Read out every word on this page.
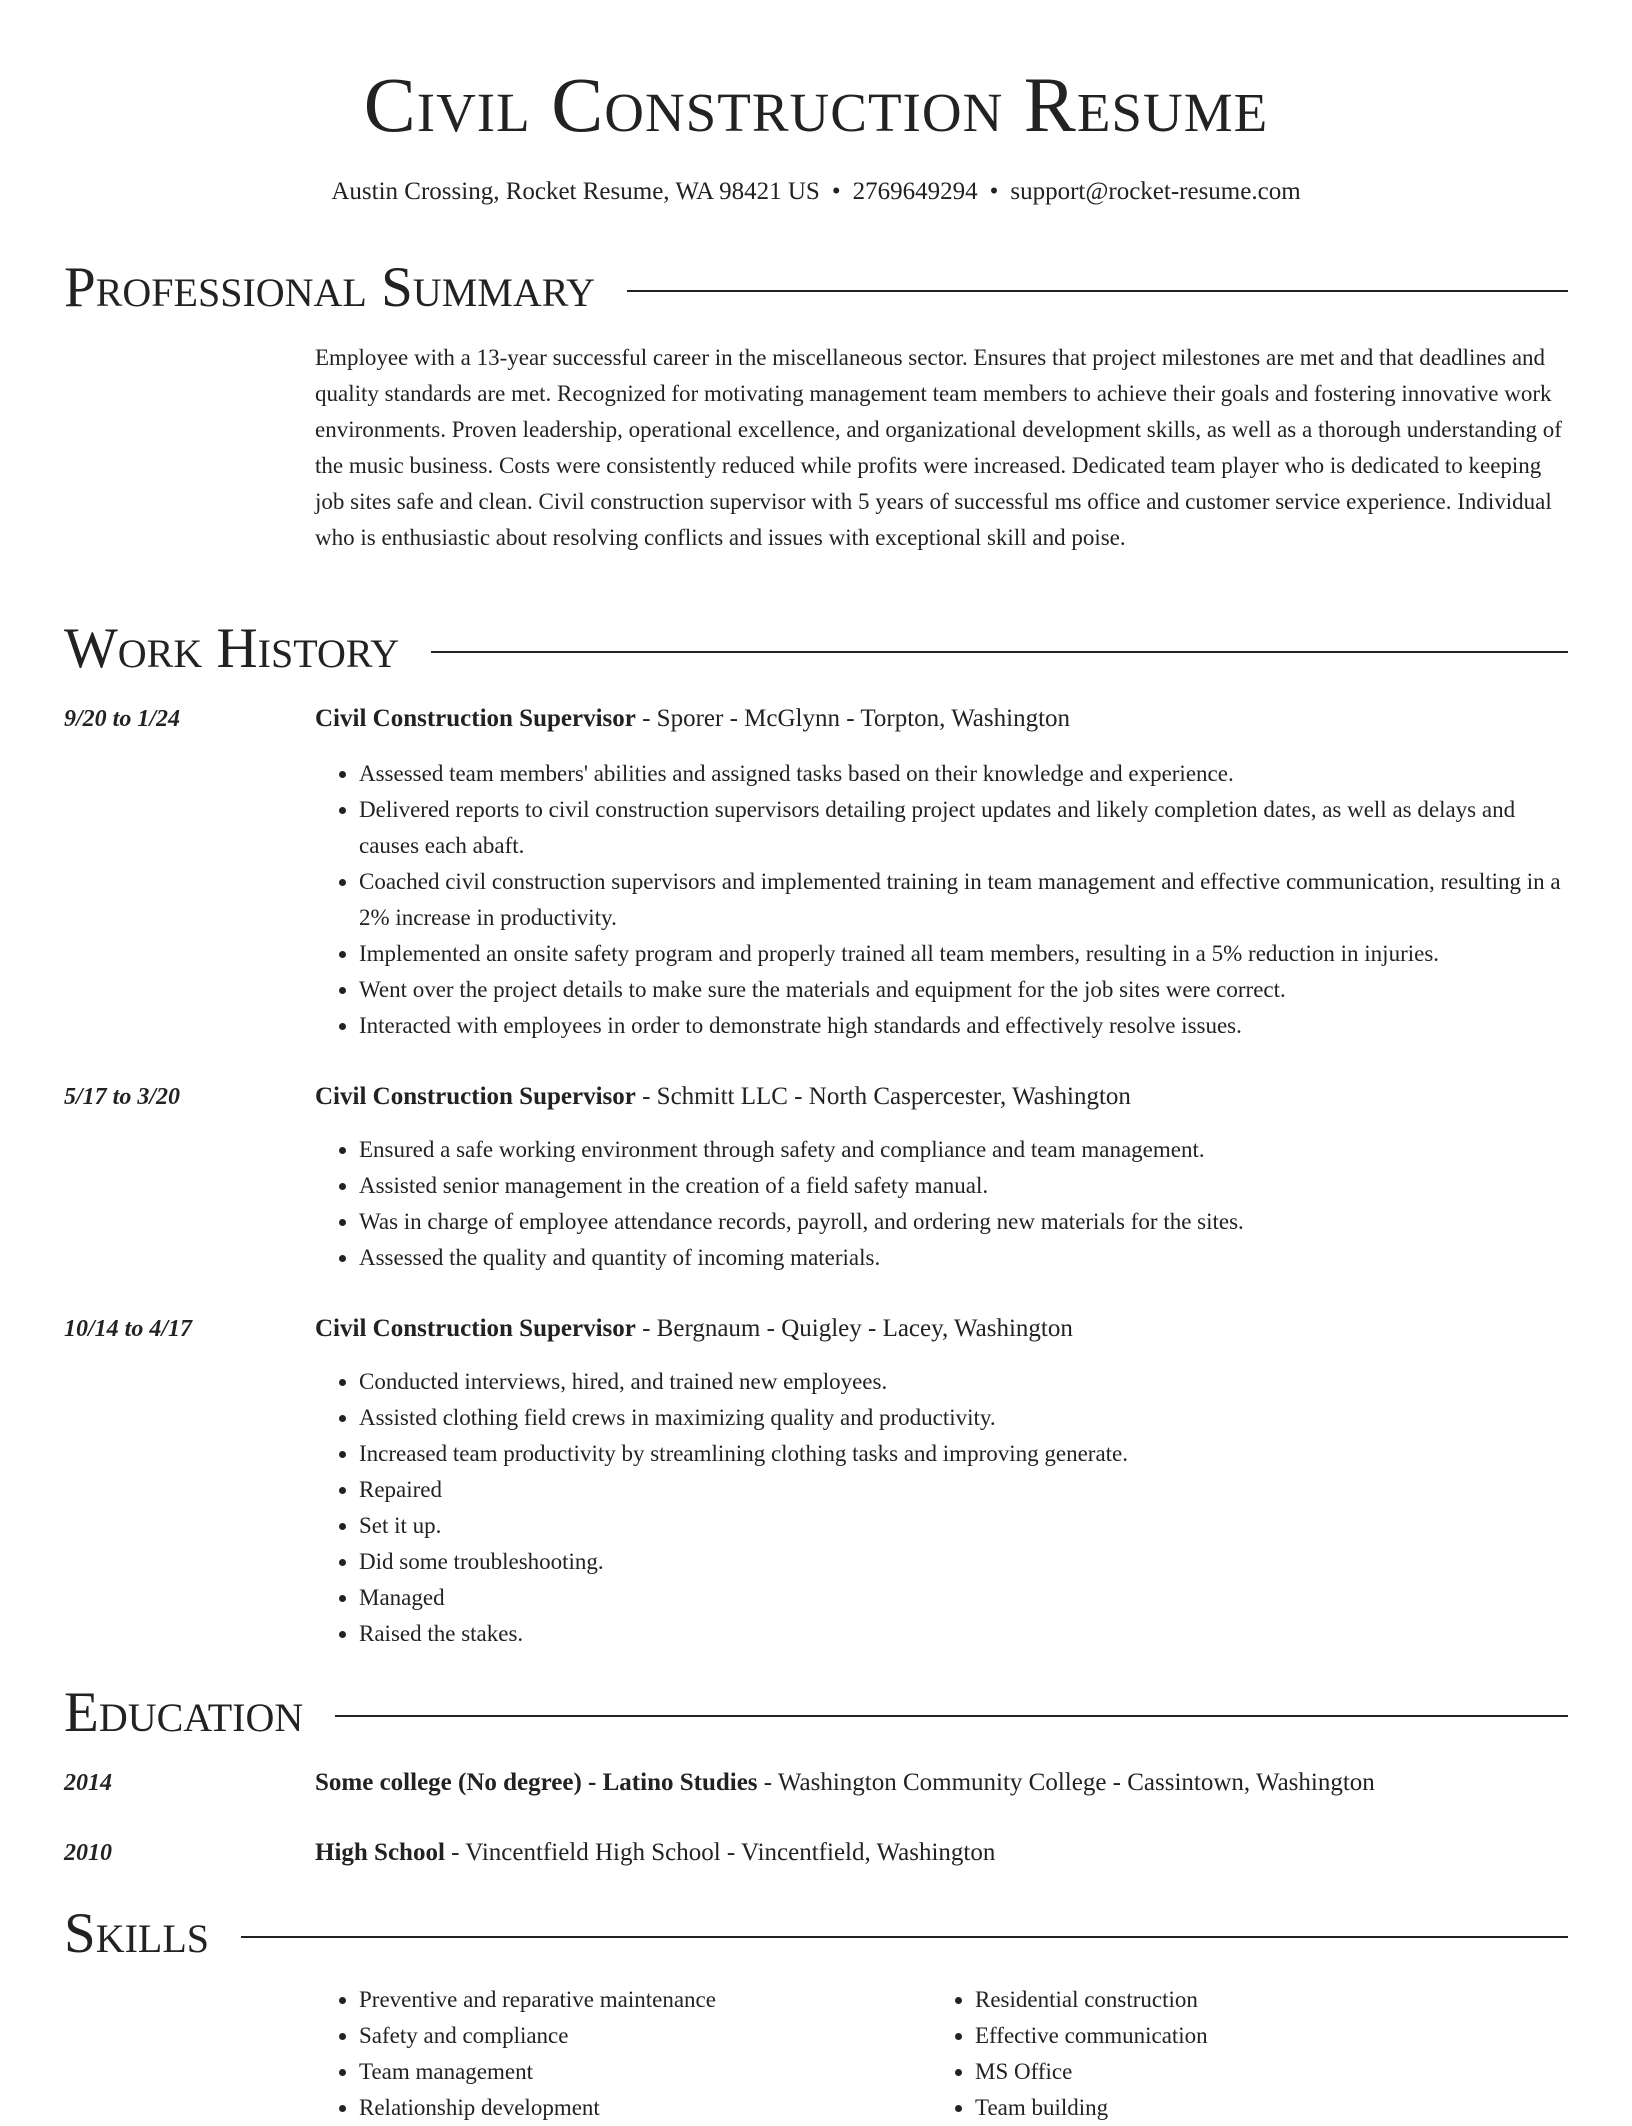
Civil Construction Resume
Austin Crossing, Rocket Resume, WA 98421 US • 2769649294 • support@rocket-resume.com
Professional Summary
Employee with a 13-year successful career in the miscellaneous sector. Ensures that project milestones are met and that deadlines and quality standards are met. Recognized for motivating management team members to achieve their goals and fostering innovative work environments. Proven leadership, operational excellence, and organizational development skills, as well as a thorough understanding of the music business. Costs were consistently reduced while profits were increased. Dedicated team player who is dedicated to keeping job sites safe and clean. Civil construction supervisor with 5 years of successful ms office and customer service experience. Individual who is enthusiastic about resolving conflicts and issues with exceptional skill and poise.
Work History
9/20 to 1/24	Civil Construction Supervisor - Sporer - McGlynn - Torpton, Washington
• Assessed team members' abilities and assigned tasks based on their knowledge and experience.
• Delivered reports to civil construction supervisors detailing project updates and likely completion dates, as well as delays and causes each abaft.
• Coached civil construction supervisors and implemented training in team management and effective communication, resulting in a 2% increase in productivity.
• Implemented an onsite safety program and properly trained all team members, resulting in a 5% reduction in injuries.
• Went over the project details to make sure the materials and equipment for the job sites were correct.
• Interacted with employees in order to demonstrate high standards and effectively resolve issues.
5/17 to 3/20	Civil Construction Supervisor - Schmitt LLC - North Caspercester, Washington
• Ensured a safe working environment through safety and compliance and team management.
• Assisted senior management in the creation of a field safety manual.
• Was in charge of employee attendance records, payroll, and ordering new materials for the sites.
• Assessed the quality and quantity of incoming materials.
10/14 to 4/17	Civil Construction Supervisor - Bergnaum - Quigley - Lacey, Washington
• Conducted interviews, hired, and trained new employees.
• Assisted clothing field crews in maximizing quality and productivity.
• Increased team productivity by streamlining clothing tasks and improving generate.
• Repaired
• Set it up.
• Did some troubleshooting.
• Managed
• Raised the stakes.
Education
2014	Some college (No degree) - Latino Studies - Washington Community College - Cassintown, Washington
2010	High School - Vincentfield High School - Vincentfield, Washington
Skills
• Preventive and reparative maintenance
• Safety and compliance
• Team management
• Relationship development
• Residential construction
• Effective communication
• MS Office
• Team building
